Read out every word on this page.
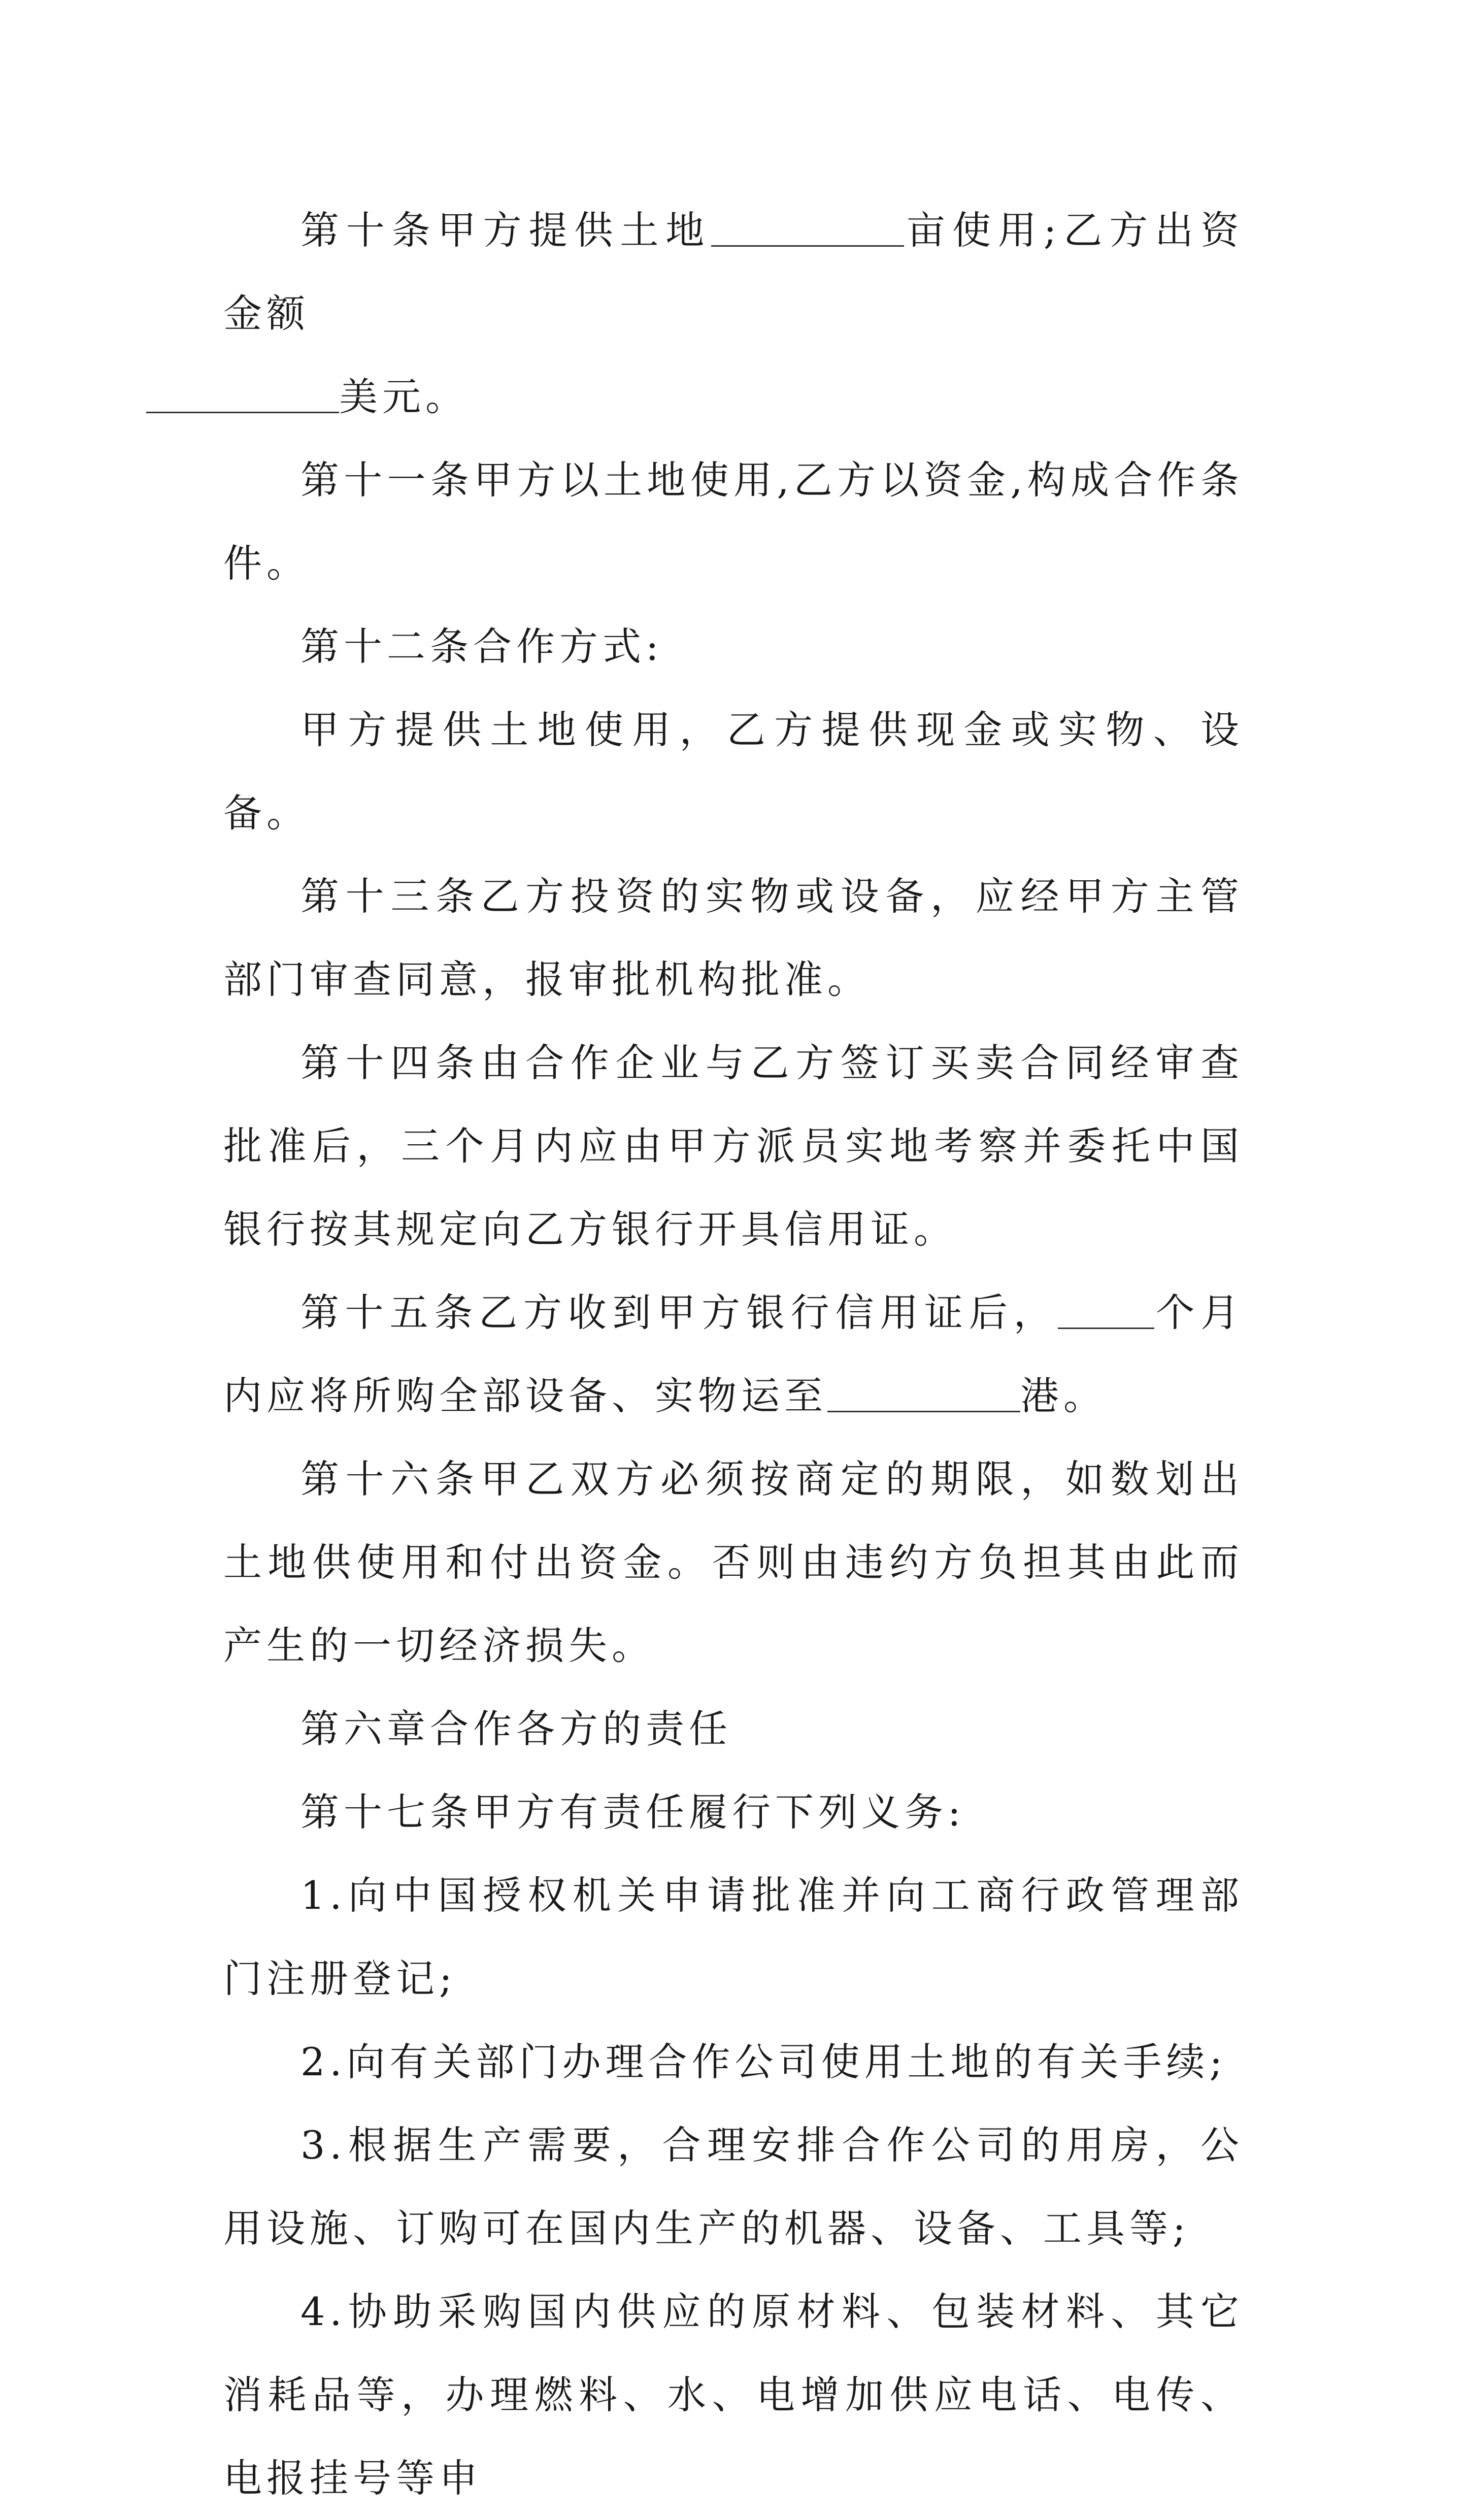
第十条甲方提供土地	亩使用;乙方出资金额
美元。

第十一条甲方以土地使用,乙方以资金,构成合作条件。

第十二条合作方式:

甲方提供土地使用，乙方提供现金或实物、设备。

第十三条乙方投资的实物或设备，应经甲方主管部门审查同意，报审批机构批准。

第十四条由合作企业与乙方签订买卖合同经审查批准后，三个月内应由甲方派员实地考察并委托中国银行按其规定向乙方银行开具信用证。

第十五条乙方收到甲方银行信用证后，	个月内应将所购全部设备、实物运至	港。

第十六条甲乙双方必须按商定的期限，如数划出土地供使用和付出资金。否则由违约方负担其由此而产生的一切经济损失。

第六章合作各方的责任

第十七条甲方有责任履行下列义务:

1.向中国授权机关申请批准并向工商行政管理部门注册登记;

2.向有关部门办理合作公司使用土地的有关手续;

3.根据生产需要，合理安排合作公司的用房，公用设施、订购可在国内生产的机器、设备、工具等;

4.协助采购国内供应的原材料、包装材料、其它消耗品等，办理燃料、水、电增加供应电话、电传、电报挂号等申
